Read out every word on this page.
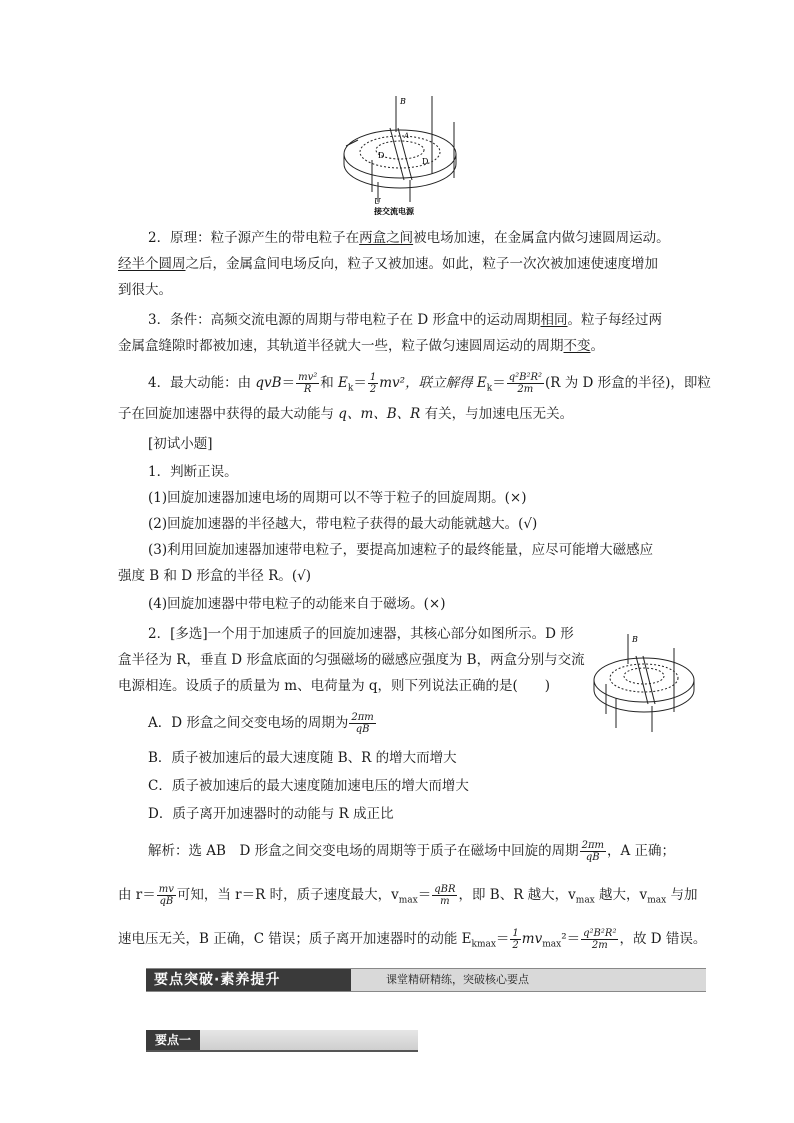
B
A
D
D
U
接交流电源
2．原理：粒子源产生的带电粒子在两盒之间被电场加速，在金属盒内做匀速圆周运动。
经半个圆周之后，金属盒间电场反向，粒子又被加速。如此，粒子一次次被加速使速度增加
到很大。
3．条件：高频交流电源的周期与带电粒子在 D 形盒中的运动周期相同。粒子每经过两
金属盒缝隙时都被加速，其轨道半径就大一些，粒子做匀速圆周运动的周期不变。
4．最大动能：由 $qvB= \frac{\text{mv²}}{R}$ 和 $E_k= \frac{1}{2} mv^2$，联立解得 $E_k= \frac{\text{q²B²R²}}{2m} (R$ 为 D 形盒的半径)，即粒
子在回旋加速器中获得的最大动能与 q、m、B、R 有关，与加速电压无关。
[初试小题]
1．判断正误。
(1)回旋加速器加速电场的周期可以不等于粒子的回旋周期。(×)
(2)回旋加速器的半径越大，带电粒子获得的最大动能就越大。(√)
(3)利用回旋加速器加速带电粒子，要提高加速粒子的最终能量，应尽可能增大磁感应
强度 B 和 D 形盒的半径 R。(√)
(4)回旋加速器中带电粒子的动能来自于磁场。(×)
2．[多选]一个用于加速质子的回旋加速器，其核心部分如图所示。D 形
盒半径为 R，垂直 D 形盒底面的匀强磁场的磁感应强度为 B，两盒分别与交流
电源相连。设质子的质量为 m、电荷量为 q，则下列说法正确的是(　　)
B
A．D 形盒之间交变电场的周期为 $\frac{2\pi m}{qB}$
B．质子被加速后的最大速度随 B、R 的增大而增大
C．质子被加速后的最大速度随加速电压的增大而增大
D．质子离开加速器时的动能与 R 成正比
解析：选 AB　D 形盒之间交变电场的周期等于质子在磁场中回旋的周期 $\frac{2\pi m}{qB}$ ，A 正确；
由 $r= \frac{mv}{qB}$ 可知，当 r＝R 时，质子速度最大，$v_{max}= \frac{\text{qBR}}{m}$ ，即 B、R 越大，$v_{max}$ 越大，$v_{max}$ 与加
速电压无关，B 正确，C 错误；质子离开加速器时的动能 $E_{kmax}= \frac{1}{2} mv_{max}^2= \frac{\text{q²B²R²}}{2m}$ ，故 D 错误。
要点突破·素养提升	课堂精研精练，突破核心要点
要点一
